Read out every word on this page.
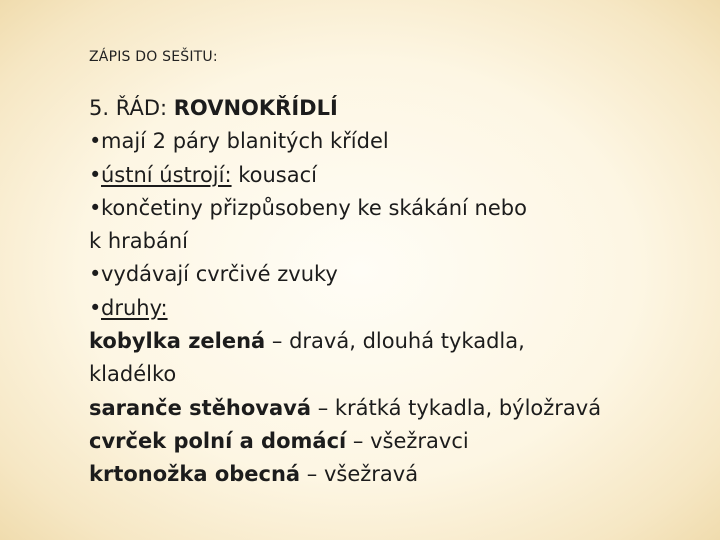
ZÁPIS DO SEŠITU:
5. ŘÁD: ROVNOKŘÍDLÍ
•mají 2 páry blanitých křídel
•ústní ústrojí: kousací
•končetiny přizpůsobeny ke skákání nebo
k hrabání
•vydávají cvrčivé zvuky
•druhy:
kobylka zelená – dravá, dlouhá tykadla,
kladélko
saranče stěhovavá – krátká tykadla, býložravá
cvrček polní a domácí – všežravci
krtonožka obecná – všežravá
